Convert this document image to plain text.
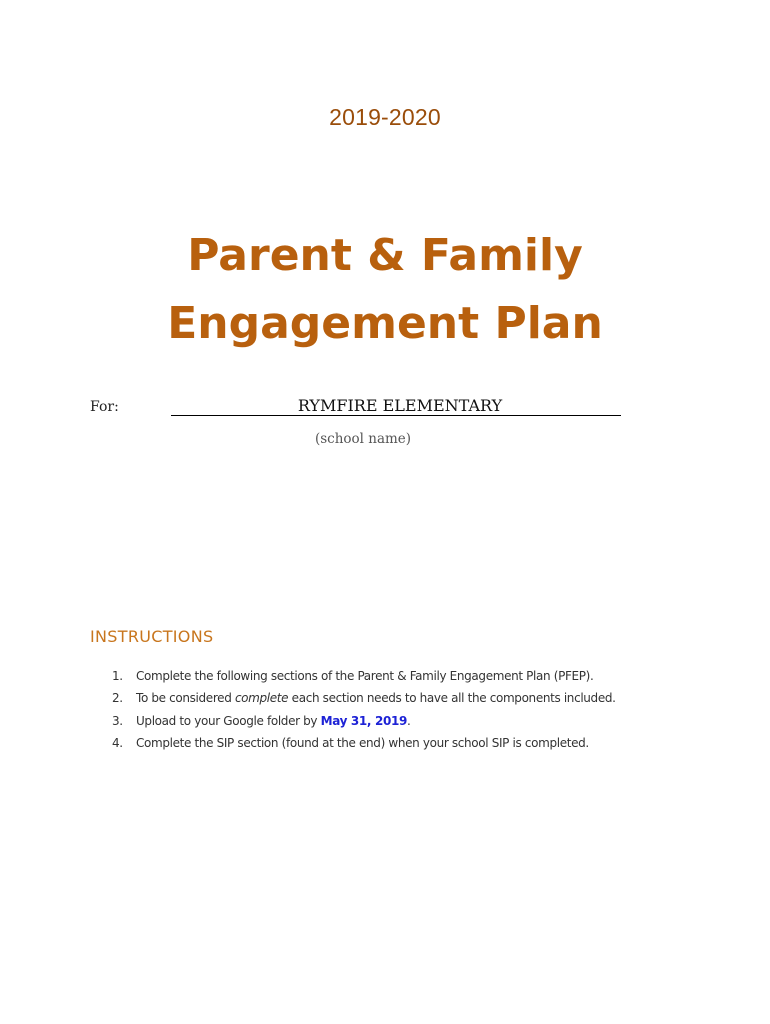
2019-2020
Parent & Family
Engagement Plan
For:	RYMFIRE ELEMENTARY
(school name)
INSTRUCTIONS
1. Complete the following sections of the Parent & Family Engagement Plan (PFEP).
2. To be considered complete each section needs to have all the components included.
3. Upload to your Google folder by May 31, 2019.
4. Complete the SIP section (found at the end) when your school SIP is completed.
